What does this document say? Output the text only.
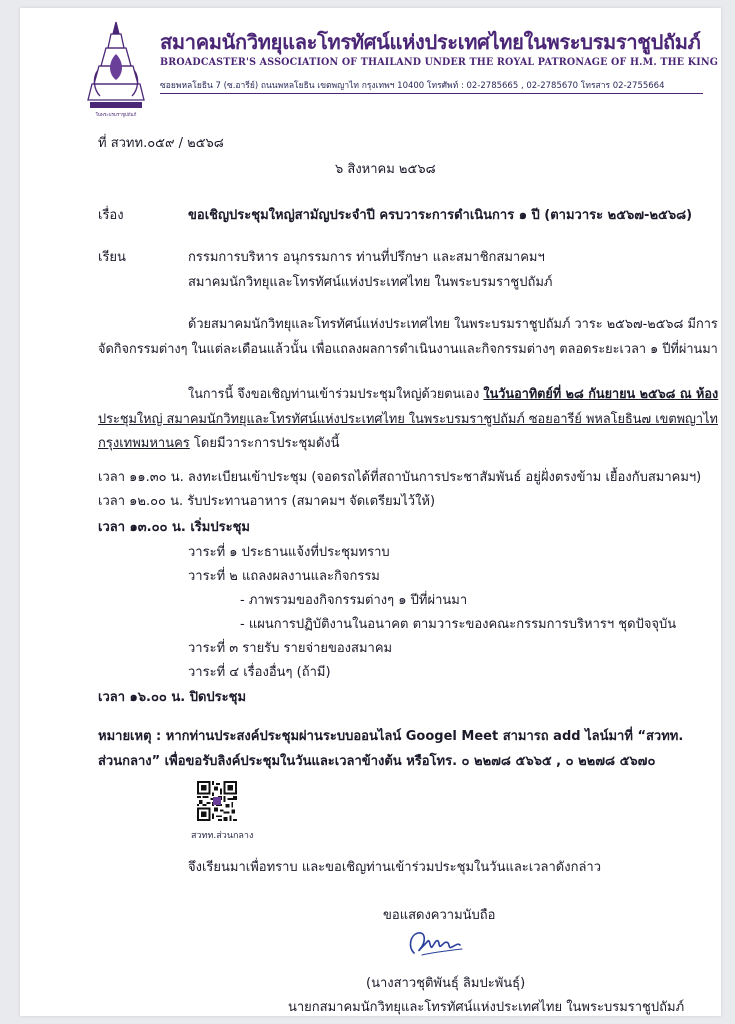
ในพระบรมราชูปถัมภ์
สมาคมนักวิทยุและโทรทัศน์แห่งประเทศไทยในพระบรมราชูปถัมภ์
BROADCASTER'S ASSOCIATION OF THAILAND UNDER THE ROYAL PATRONAGE OF H.M. THE KING
ซอยพหลโยธิน 7 (ซ.อารีย์) ถนนพหลโยธิน เขตพญาไท กรุงเทพฯ 10400 โทรศัพท์ : 02-2785665 , 02-2785670 โทรสาร 02-2755664
ที่ สวทท.๐๕๙ / ๒๕๖๘
๖ สิงหาคม ๒๕๖๘
เรื่อง	ขอเชิญประชุมใหญ่สามัญประจำปี ครบวาระการดำเนินการ ๑ ปี (ตามวาระ ๒๕๖๗-๒๕๖๘)
เรียน	กรรมการบริหาร อนุกรรมการ ท่านที่ปรึกษา และสมาชิกสมาคมฯ
สมาคมนักวิทยุและโทรทัศน์แห่งประเทศไทย ในพระบรมราชูปถัมภ์
ด้วยสมาคมนักวิทยุและโทรทัศน์แห่งประเทศไทย ในพระบรมราชูปถัมภ์ วาระ ๒๕๖๗-๒๕๖๘ มีการ
จัดกิจกรรมต่างๆ ในแต่ละเดือนแล้วนั้น เพื่อแถลงผลการดำเนินงานและกิจกรรมต่างๆ ตลอดระยะเวลา ๑ ปีที่ผ่านมา
ในการนี้ จึงขอเชิญท่านเข้าร่วมประชุมใหญ่ด้วยตนเอง ในวันอาทิตย์ที่ ๒๘ กันยายน ๒๕๖๘ ณ ห้อง
ประชุมใหญ่ สมาคมนักวิทยุและโทรทัศน์แห่งประเทศไทย ในพระบรมราชูปถัมภ์ ซอยอารีย์ พหลโยธิน๗ เขตพญาไท
กรุงเทพมหานคร โดยมีวาระการประชุมดังนี้
เวลา ๑๑.๓๐ น. ลงทะเบียนเข้าประชุม (จอดรถได้ที่สถาบันการประชาสัมพันธ์ อยู่ฝั่งตรงข้าม เยื้องกับสมาคมฯ)
เวลา ๑๒.๐๐ น. รับประทานอาหาร (สมาคมฯ จัดเตรียมไว้ให้)
เวลา ๑๓.๐๐ น. เริ่มประชุม
วาระที่ ๑ ประธานแจ้งที่ประชุมทราบ
วาระที่ ๒ แถลงผลงานและกิจกรรม
- ภาพรวมของกิจกรรมต่างๆ ๑ ปีที่ผ่านมา
- แผนการปฏิบัติงานในอนาคต ตามวาระของคณะกรรมการบริหารฯ ชุดปัจจุบัน
วาระที่ ๓ รายรับ รายจ่ายของสมาคม
วาระที่ ๔ เรื่องอื่นๆ (ถ้ามี)
เวลา ๑๖.๐๐ น. ปิดประชุม
หมายเหตุ : หากท่านประสงค์ประชุมผ่านระบบออนไลน์ Googel Meet สามารถ add ไลน์มาที่ “สวทท.
ส่วนกลาง” เพื่อขอรับลิงค์ประชุมในวันและเวลาข้างต้น หรือโทร. ๐ ๒๒๗๘ ๕๖๖๕ , ๐ ๒๒๗๘ ๕๖๗๐
สวทท.ส่วนกลาง
จึงเรียนมาเพื่อทราบ และขอเชิญท่านเข้าร่วมประชุมในวันและเวลาดังกล่าว
ขอแสดงความนับถือ
(นางสาวชุติพันธุ์ ลิมปะพันธุ์)
นายกสมาคมนักวิทยุและโทรทัศน์แห่งประเทศไทย ในพระบรมราชูปถัมภ์
